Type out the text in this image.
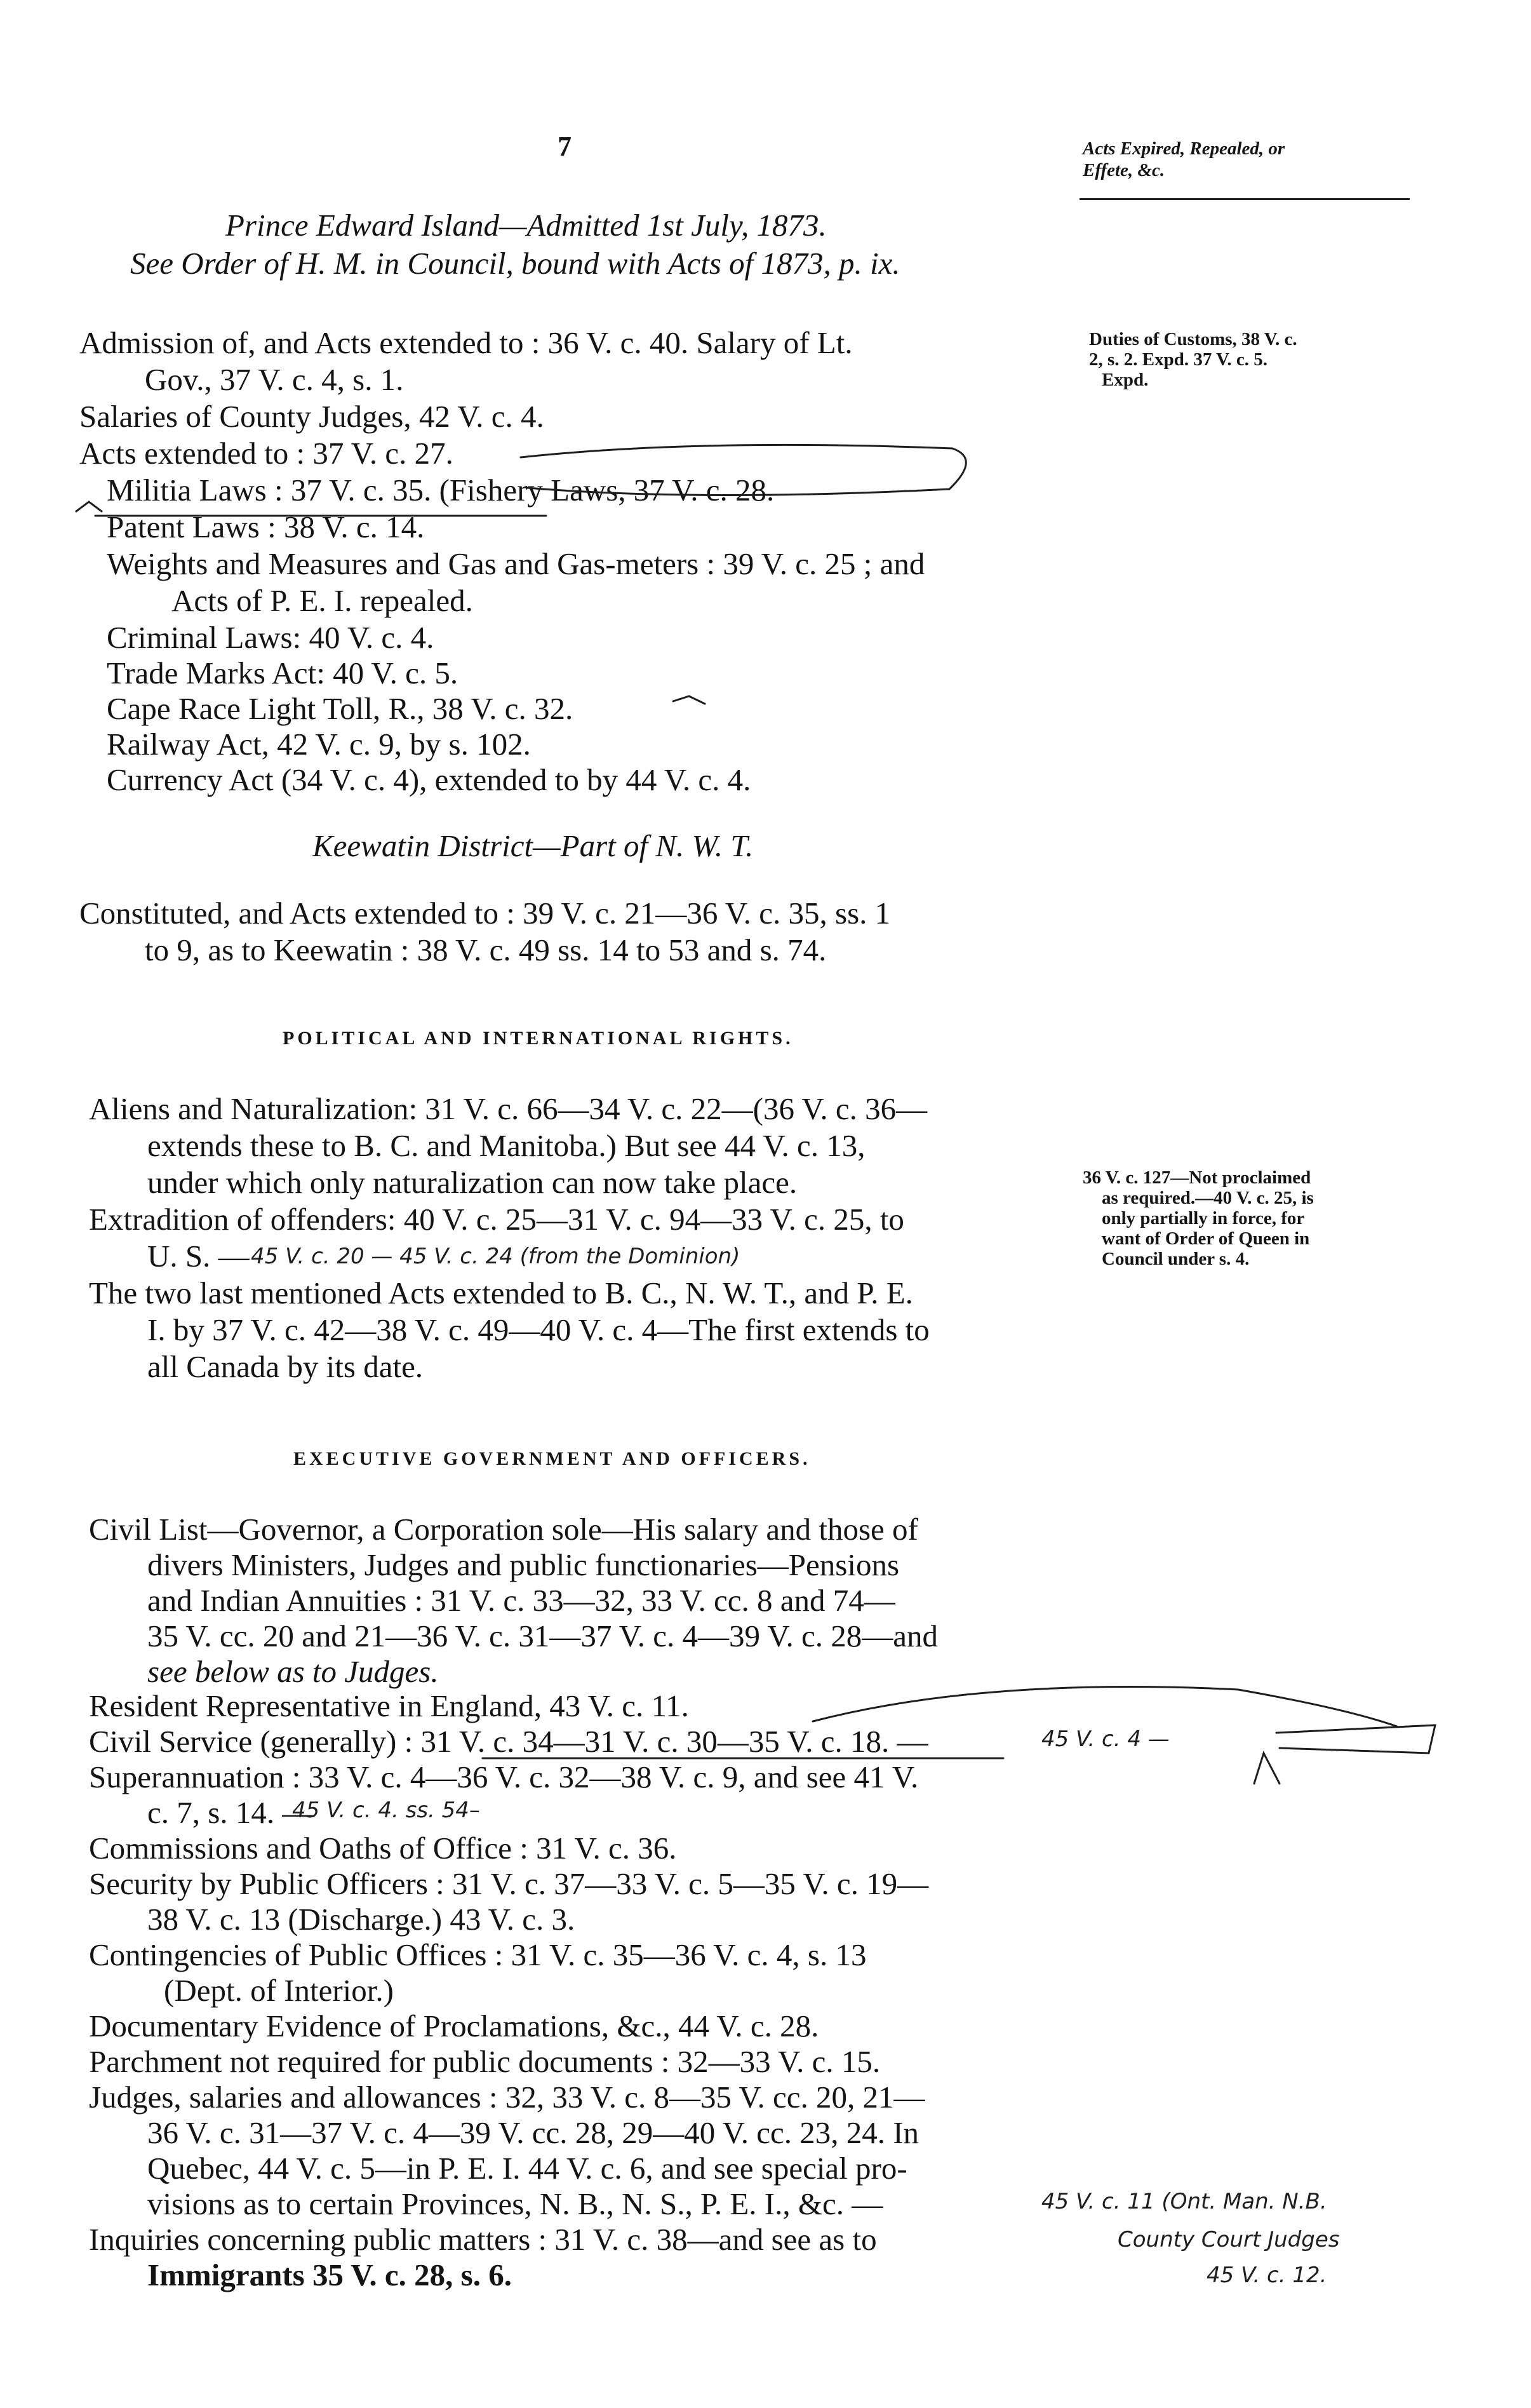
7	Acts Expired, Repealed, or
Effete, &c.
Prince Edward Island—Admitted 1st July, 1873.
See Order of H. M. in Council, bound with Acts of 1873, p. ix.
Admission of, and Acts extended to : 36 V. c. 40. Salary of Lt.
Gov., 37 V. c. 4, s. 1.
Salaries of County Judges, 42 V. c. 4.
Acts extended to : 37 V. c. 27.
Militia Laws : 37 V. c. 35. (Fishery Laws, 37 V. c. 28.
Patent Laws : 38 V. c. 14.
Weights and Measures and Gas and Gas-meters : 39 V. c. 25 ; and
Acts of P. E. I. repealed.
Criminal Laws: 40 V. c. 4.
Trade Marks Act: 40 V. c. 5.
Cape Race Light Toll, R., 38 V. c. 32.
Railway Act, 42 V. c. 9, by s. 102.
Currency Act (34 V. c. 4), extended to by 44 V. c. 4.
Duties of Customs, 38 V. c.
2, s. 2. Expd. 37 V. c. 5.
Expd.
Keewatin District—Part of N. W. T.
Constituted, and Acts extended to : 39 V. c. 21—36 V. c. 35, ss. 1
to 9, as to Keewatin : 38 V. c. 49 ss. 14 to 53 and s. 74.
POLITICAL AND INTERNATIONAL RIGHTS.
Aliens and Naturalization: 31 V. c. 66—34 V. c. 22—(36 V. c. 36—
extends these to B. C. and Manitoba.) But see 44 V. c. 13,
under which only naturalization can now take place.
Extradition of offenders: 40 V. c. 25—31 V. c. 94—33 V. c. 25, to
U. S. — 45 V. c. 20 — 45 V. c. 24 (from the Dominion)
The two last mentioned Acts extended to B. C., N. W. T., and P. E.
I. by 37 V. c. 42—38 V. c. 49—40 V. c. 4—The first extends to
all Canada by its date.
36 V. c. 127—Not proclaimed
as required.—40 V. c. 25, is
only partially in force, for
want of Order of Queen in
Council under s. 4.
EXECUTIVE GOVERNMENT AND OFFICERS.
Civil List—Governor, a Corporation sole—His salary and those of
divers Ministers, Judges and public functionaries—Pensions
and Indian Annuities : 31 V. c. 33—32, 33 V. cc. 8 and 74—
35 V. cc. 20 and 21—36 V. c. 31—37 V. c. 4—39 V. c. 28—and
see below as to Judges.
Resident Representative in England, 43 V. c. 11.
Civil Service (generally) : 31 V. c. 34—31 V. c. 30—35 V. c. 18. —	45 V. c. 4 —
Superannuation : 33 V. c. 4—36 V. c. 32—38 V. c. 9, and see 41 V.
c. 7, s. 14. —
45 V. c. 4. ss. 54–
Commissions and Oaths of Office : 31 V. c. 36.
Security by Public Officers : 31 V. c. 37—33 V. c. 5—35 V. c. 19—
38 V. c. 13 (Discharge.) 43 V. c. 3.
Contingencies of Public Offices : 31 V. c. 35—36 V. c. 4, s. 13
(Dept. of Interior.)
Documentary Evidence of Proclamations, &c., 44 V. c. 28.
Parchment not required for public documents : 32—33 V. c. 15.
Judges, salaries and allowances : 32, 33 V. c. 8—35 V. cc. 20, 21—
36 V. c. 31—37 V. c. 4—39 V. cc. 28, 29—40 V. cc. 23, 24. In
Quebec, 44 V. c. 5—in P. E. I. 44 V. c. 6, and see special pro-
visions as to certain Provinces, N. B., N. S., P. E. I., &c. —
Inquiries concerning public matters : 31 V. c. 38—and see as to
Immigrants 35 V. c. 28, s. 6.
45 V. c. 11 (Ont. Man. N.B.
County Court Judges
45 V. c. 12.
